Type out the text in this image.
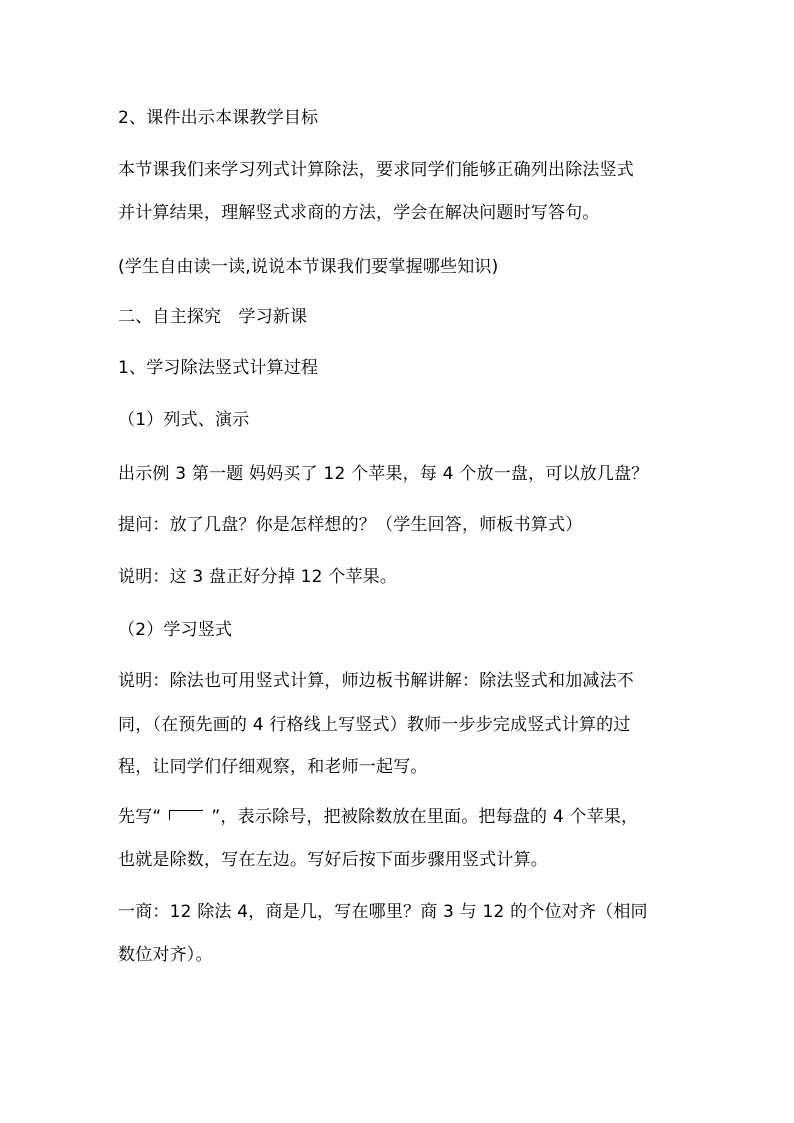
2、课件出示本课教学目标
本节课我们来学习列式计算除法，要求同学们能够正确列出除法竖式
并计算结果，理解竖式求商的方法，学会在解决问题时写答句。
(学生自由读一读,说说本节课我们要掌握哪些知识)
二、自主探究　学习新课
1、学习除法竖式计算过程
（1）列式、演示
出示例 3 第一题 妈妈买了 12 个苹果，每 4 个放一盘，可以放几盘？
提问：放了几盘？你是怎样想的？（学生回答，师板书算式）
说明：这 3 盘正好分掉 12 个苹果。
（2）学习竖式
说明：除法也可用竖式计算，师边板书解讲解：除法竖式和加减法不
同，（在预先画的 4 行格线上写竖式）教师一步步完成竖式计算的过
程，让同学们仔细观察，和老师一起写。
先写“	”，表示除号，把被除数放在里面。把每盘的 4 个苹果，
也就是除数，写在左边。写好后按下面步骤用竖式计算。
一商：12 除法 4，商是几，写在哪里？商 3 与 12 的个位对齐（相同
数位对齐）。
